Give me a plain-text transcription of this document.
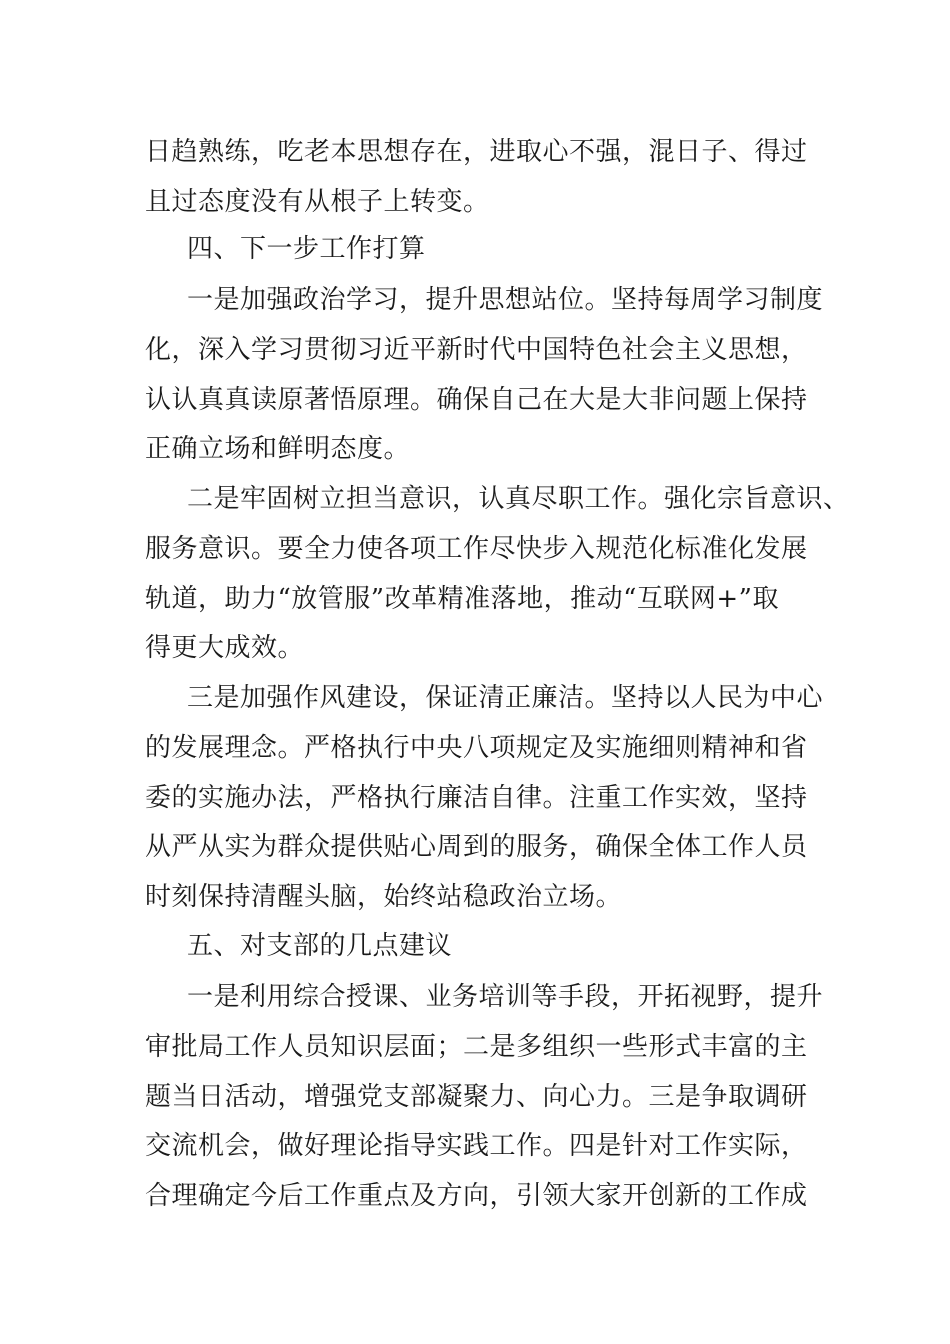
日趋熟练，吃老本思想存在，进取心不强，混日子、得过
且过态度没有从根子上转变。
四、下一步工作打算
一是加强政治学习，提升思想站位。坚持每周学习制度
化，深入学习贯彻习近平新时代中国特色社会主义思想，
认认真真读原著悟原理。确保自己在大是大非问题上保持
正确立场和鲜明态度。
二是牢固树立担当意识，认真尽职工作。强化宗旨意识、
服务意识。要全力使各项工作尽快步入规范化标准化发展
轨道，助力“放管服”改革精准落地，推动“互联网+”取
得更大成效。
三是加强作风建设，保证清正廉洁。坚持以人民为中心
的发展理念。严格执行中央八项规定及实施细则精神和省
委的实施办法，严格执行廉洁自律。注重工作实效，坚持
从严从实为群众提供贴心周到的服务，确保全体工作人员
时刻保持清醒头脑，始终站稳政治立场。
五、对支部的几点建议
一是利用综合授课、业务培训等手段，开拓视野，提升
审批局工作人员知识层面；二是多组织一些形式丰富的主
题当日活动，增强党支部凝聚力、向心力。三是争取调研
交流机会，做好理论指导实践工作。四是针对工作实际，
合理确定今后工作重点及方向，引领大家开创新的工作成
